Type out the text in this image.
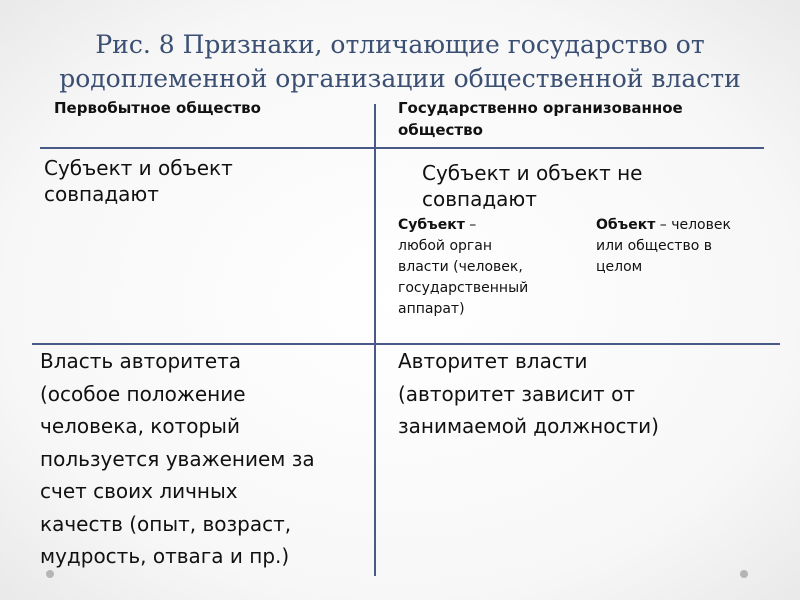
Рис. 8 Признаки, отличающие государство от
родоплеменной организации общественной власти
Первобытное общество	Государственно организованное
общество
Субъект и объект
совпадают
Субъект и объект не
совпадают
Субъект –
любой орган
власти (человек,
государственный
аппарат)
Объект – человек
или общество в
целом
Власть авторитета
(особое положение
человека, который
пользуется уважением за
счет своих личных
качеств (опыт, возраст,
мудрость, отвага и пр.)
Авторитет власти
(авторитет зависит от
занимаемой должности)
